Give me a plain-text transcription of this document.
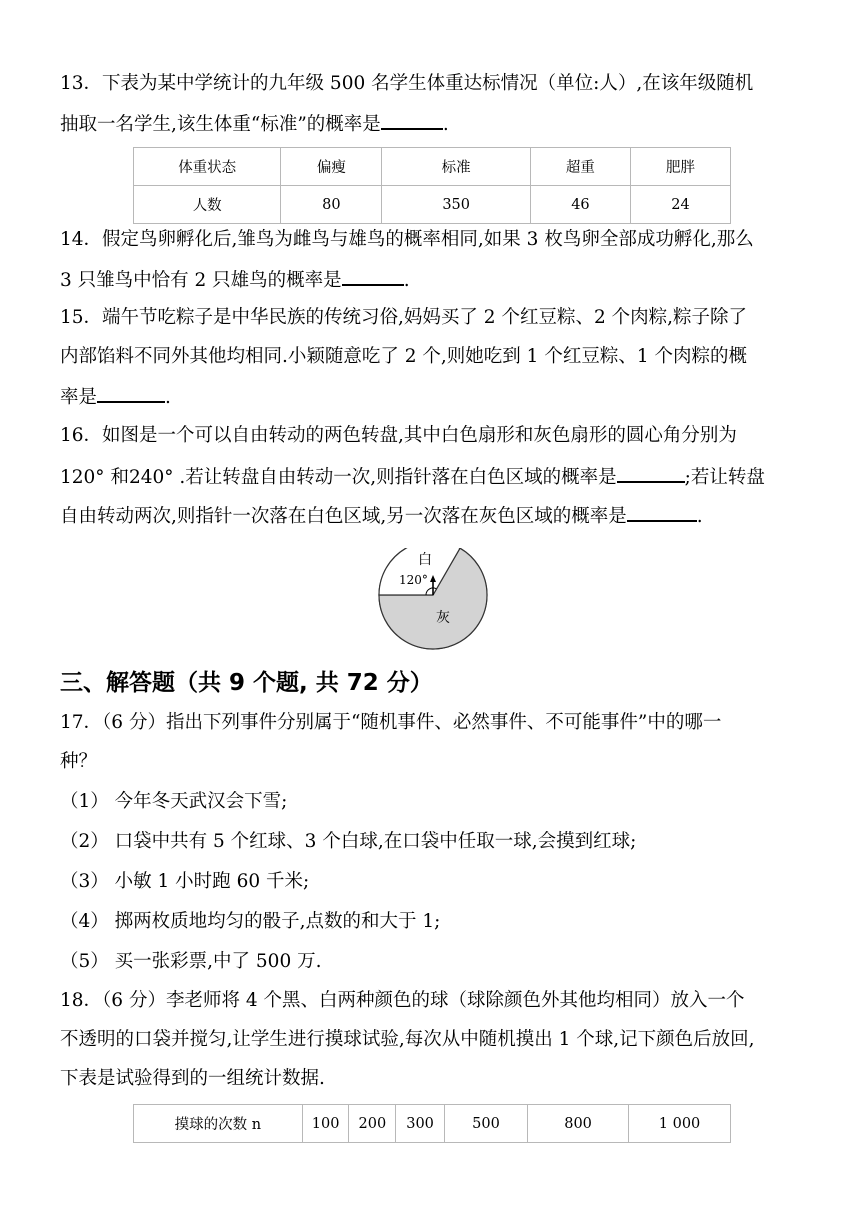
13．下表为某中学统计的九年级 500 名学生体重达标情况（单位:人）,在该年级随机
抽取一名学生,该生体重“标准”的概率是	.
体重状态	偏瘦	标准	超重	肥胖
人数	80	350	46	24
14．假定鸟卵孵化后,雏鸟为雌鸟与雄鸟的概率相同,如果 3 枚鸟卵全部成功孵化,那么
3 只雏鸟中恰有 2 只雄鸟的概率是	.
15．端午节吃粽子是中华民族的传统习俗,妈妈买了 2 个红豆粽、2 个肉粽,粽子除了
内部馅料不同外其他均相同.小颖随意吃了 2 个,则她吃到 1 个红豆粽、1 个肉粽的概
率是	.
16．如图是一个可以自由转动的两色转盘,其中白色扇形和灰色扇形的圆心角分别为
120° 和240° .若让转盘自由转动一次,则指针落在白色区域的概率是	;若让转盘
自由转动两次,则指针一次落在白色区域,另一次落在灰色区域的概率是	.
白
120°
灰
三、解答题（共 9 个题, 共 72 分）
17．（6 分）指出下列事件分别属于“随机事件、必然事件、不可能事件”中的哪一
种？
（1） 今年冬天武汉会下雪;
（2） 口袋中共有 5 个红球、3 个白球,在口袋中任取一球,会摸到红球;
（3） 小敏 1 小时跑 60 千米;
（4） 掷两枚质地均匀的骰子,点数的和大于 1;
（5） 买一张彩票,中了 500 万.
18．（6 分）李老师将 4 个黑、白两种颜色的球（球除颜色外其他均相同）放入一个
不透明的口袋并搅匀,让学生进行摸球试验,每次从中随机摸出 1 个球,记下颜色后放回,
下表是试验得到的一组统计数据.
摸球的次数 n	100	200	300	500	800	1 000
